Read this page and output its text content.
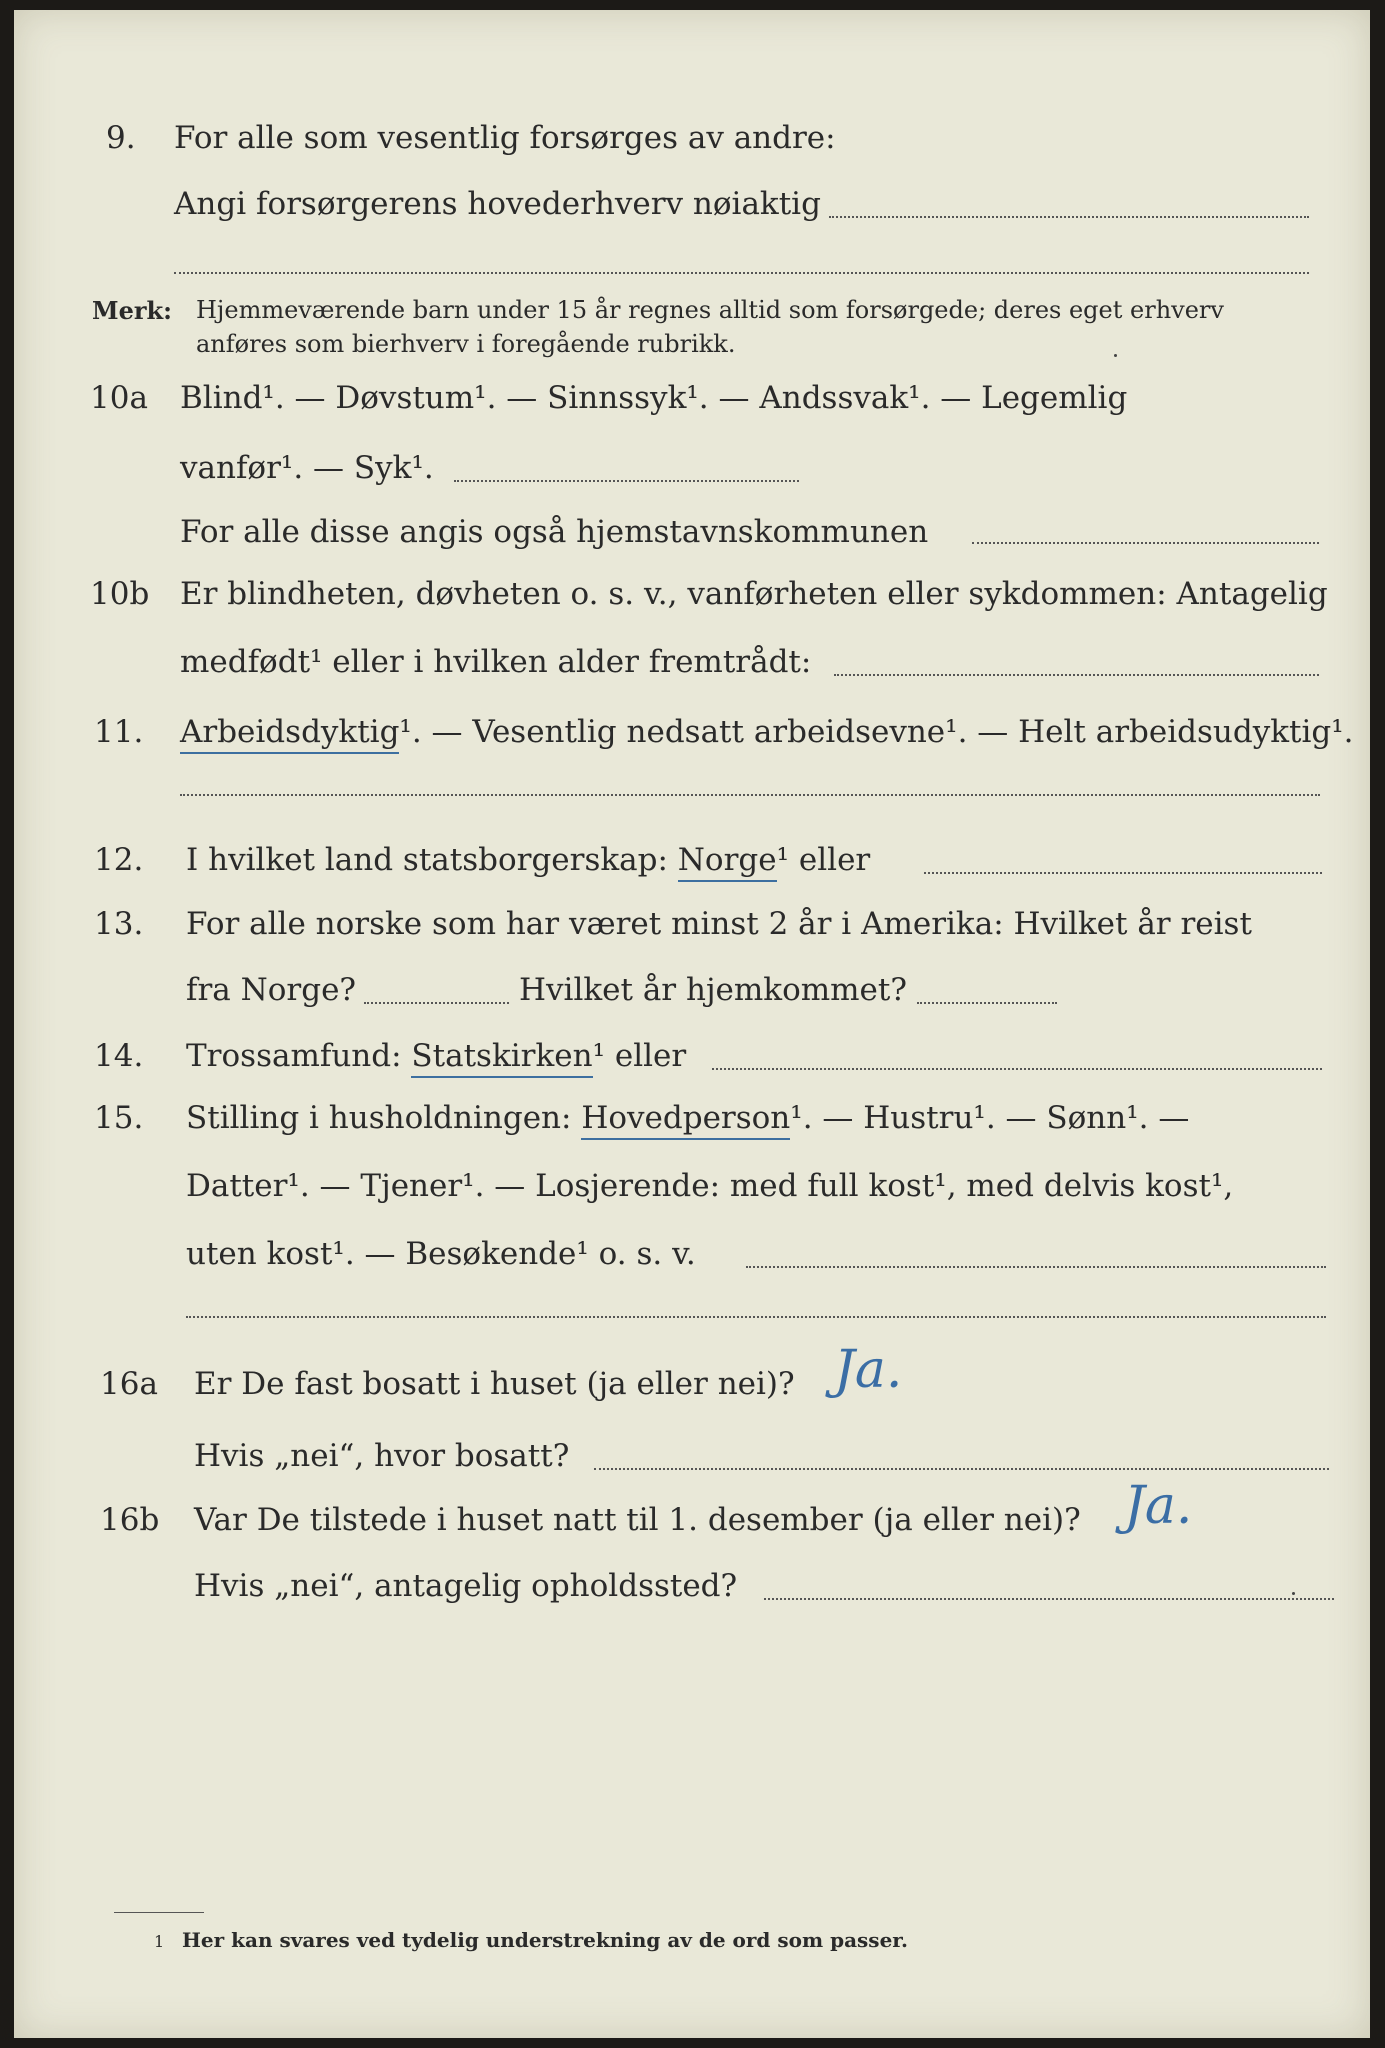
9.	For alle som vesentlig forsørges av andre:
Angi forsørgerens hovederhverv nøiaktig
Merk: Hjemmeværende barn under 15 år regnes alltid som forsørgede; deres eget erhverv
anføres som bierhverv i foregående rubrikk.
10a	Blind¹. — Døvstum¹. — Sinnssyk¹. — Andssvak¹. — Legemlig
vanfør¹. — Syk¹.
For alle disse angis også hjemstavnskommunen
10b Er blindheten, døvheten o. s. v., vanførheten eller sykdommen: Antagelig
medfødt¹ eller i hvilken alder fremtrådt:
11.	Arbeidsdyktig¹. — Vesentlig nedsatt arbeidsevne¹. — Helt arbeidsudyktig¹.
12.	I hvilket land statsborgerskap: Norge¹ eller
13.	For alle norske som har været minst 2 år i Amerika: Hvilket år reist
fra Norge?	Hvilket år hjemkommet?
14.	Trossamfund: Statskirken¹ eller
15.	Stilling i husholdningen: Hovedperson¹. — Hustru¹. — Sønn¹. —
Datter¹. — Tjener¹. — Losjerende: med full kost¹, med delvis kost¹,
uten kost¹. — Besøkende¹ o. s. v.
16a	Er De fast bosatt i huset (ja eller nei)? Ja.
Hvis „nei“, hvor bosatt?
16b	Var De tilstede i huset natt til 1. desember (ja eller nei)? Ja.
Hvis „nei“, antagelig opholdssted?
1 Her kan svares ved tydelig understrekning av de ord som passer.
